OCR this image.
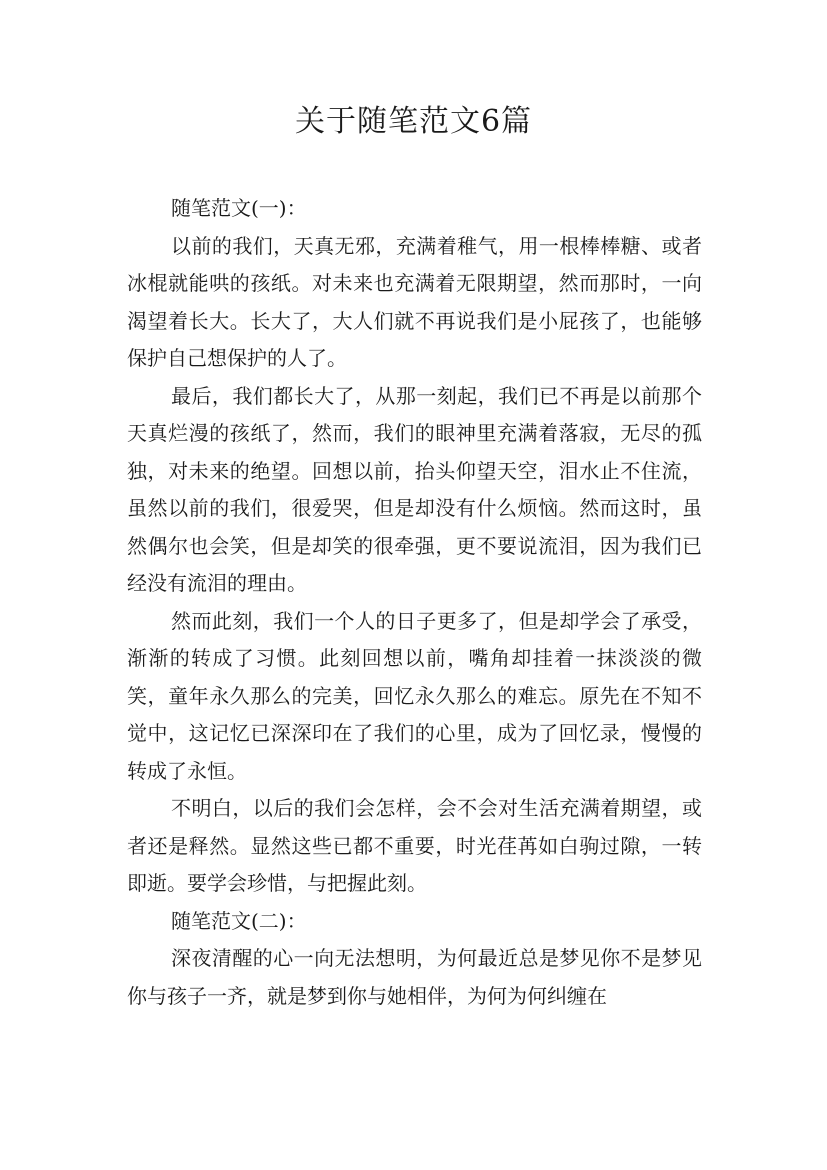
关于随笔范文6篇

随笔范文(一)：

以前的我们，天真无邪，充满着稚气，用一根棒棒糖、或者冰棍就能哄的孩纸。对未来也充满着无限期望，然而那时，一向渴望着长大。长大了，大人们就不再说我们是小屁孩了，也能够保护自己想保护的人了。

最后，我们都长大了，从那一刻起，我们已不再是以前那个天真烂漫的孩纸了，然而，我们的眼神里充满着落寂，无尽的孤独，对未来的绝望。回想以前，抬头仰望天空，泪水止不住流，虽然以前的我们，很爱哭，但是却没有什么烦恼。然而这时，虽然偶尔也会笑，但是却笑的很牵强，更不要说流泪，因为我们已经没有流泪的理由。

然而此刻，我们一个人的日子更多了，但是却学会了承受，渐渐的转成了习惯。此刻回想以前，嘴角却挂着一抹淡淡的微笑，童年永久那么的完美，回忆永久那么的难忘。原先在不知不觉中，这记忆已深深印在了我们的心里，成为了回忆录，慢慢的转成了永恒。

不明白，以后的我们会怎样，会不会对生活充满着期望，或者还是释然。显然这些已都不重要，时光荏苒如白驹过隙，一转即逝。要学会珍惜，与把握此刻。

随笔范文(二)：

深夜清醒的心一向无法想明，为何最近总是梦见你不是梦见你与孩子一齐，就是梦到你与她相伴，为何为何纠缠在
